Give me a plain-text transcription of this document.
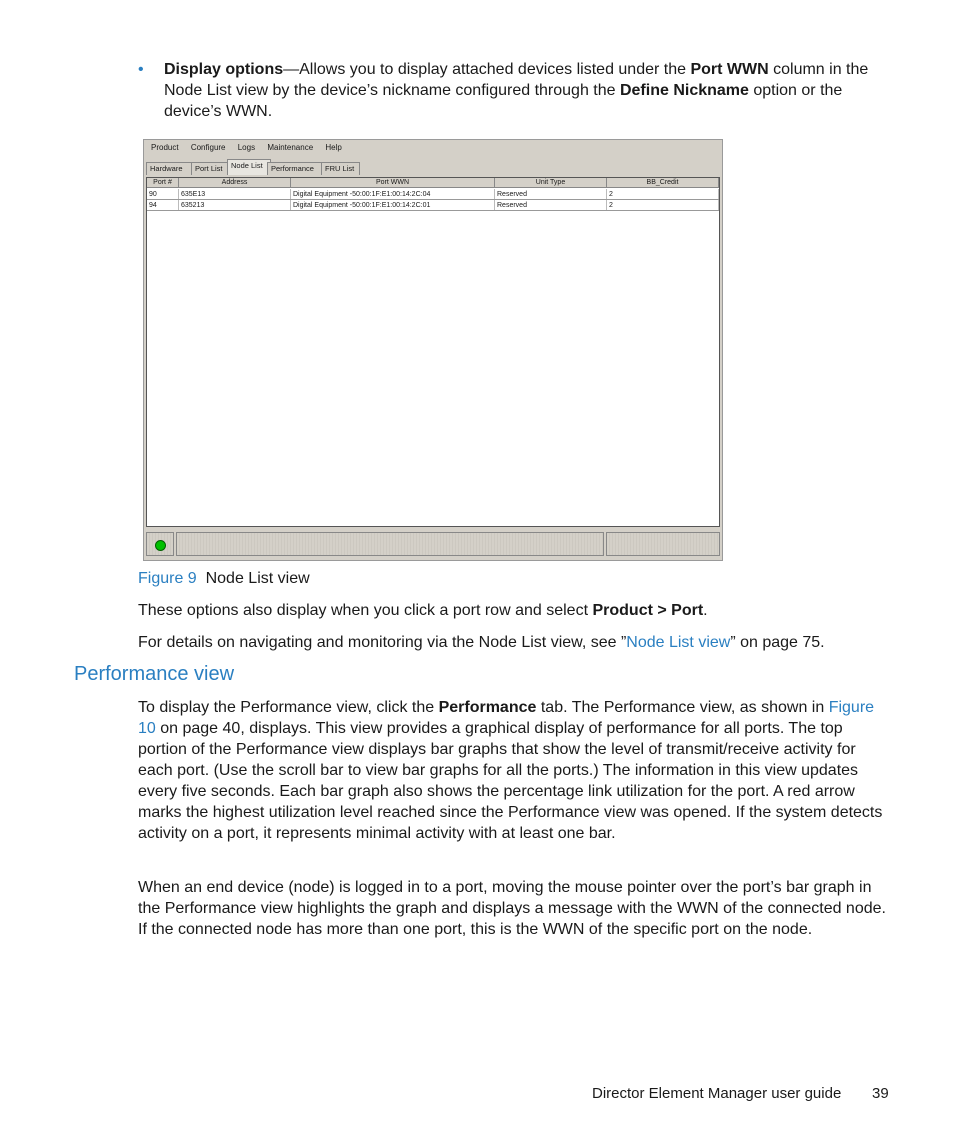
• Display options—Allows you to display attached devices listed under the Port WWN column in the Node List view by the device’s nickname configured through the Define Nickname option or the device’s WWN.
Product Configure Logs Maintenance Help
Hardware	Port List	Node List	Performance	FRU List
Port #	Address	Port WWN	Unit Type	BB_Credit
90	635E13	Digital Equipment -50:00:1F:E1:00:14:2C:04	Reserved	2
94	635213	Digital Equipment -50:00:1F:E1:00:14:2C:01	Reserved	2
Figure 9 Node List view
These options also display when you click a port row and select Product > Port.
For details on navigating and monitoring via the Node List view, see ”Node List view” on page 75.
Performance view
To display the Performance view, click the Performance tab. The Performance view, as shown in Figure 10 on page 40, displays. This view provides a graphical display of performance for all ports. The top portion of the Performance view displays bar graphs that show the level of transmit/receive activity for each port. (Use the scroll bar to view bar graphs for all the ports.) The information in this view updates every five seconds. Each bar graph also shows the percentage link utilization for the port. A red arrow marks the highest utilization level reached since the Performance view was opened. If the system detects activity on a port, it represents minimal activity with at least one bar.
When an end device (node) is logged in to a port, moving the mouse pointer over the port’s bar graph in the Performance view highlights the graph and displays a message with the WWN of the connected node. If the connected node has more than one port, this is the WWN of the specific port on the node.
Director Element Manager user guide 39
